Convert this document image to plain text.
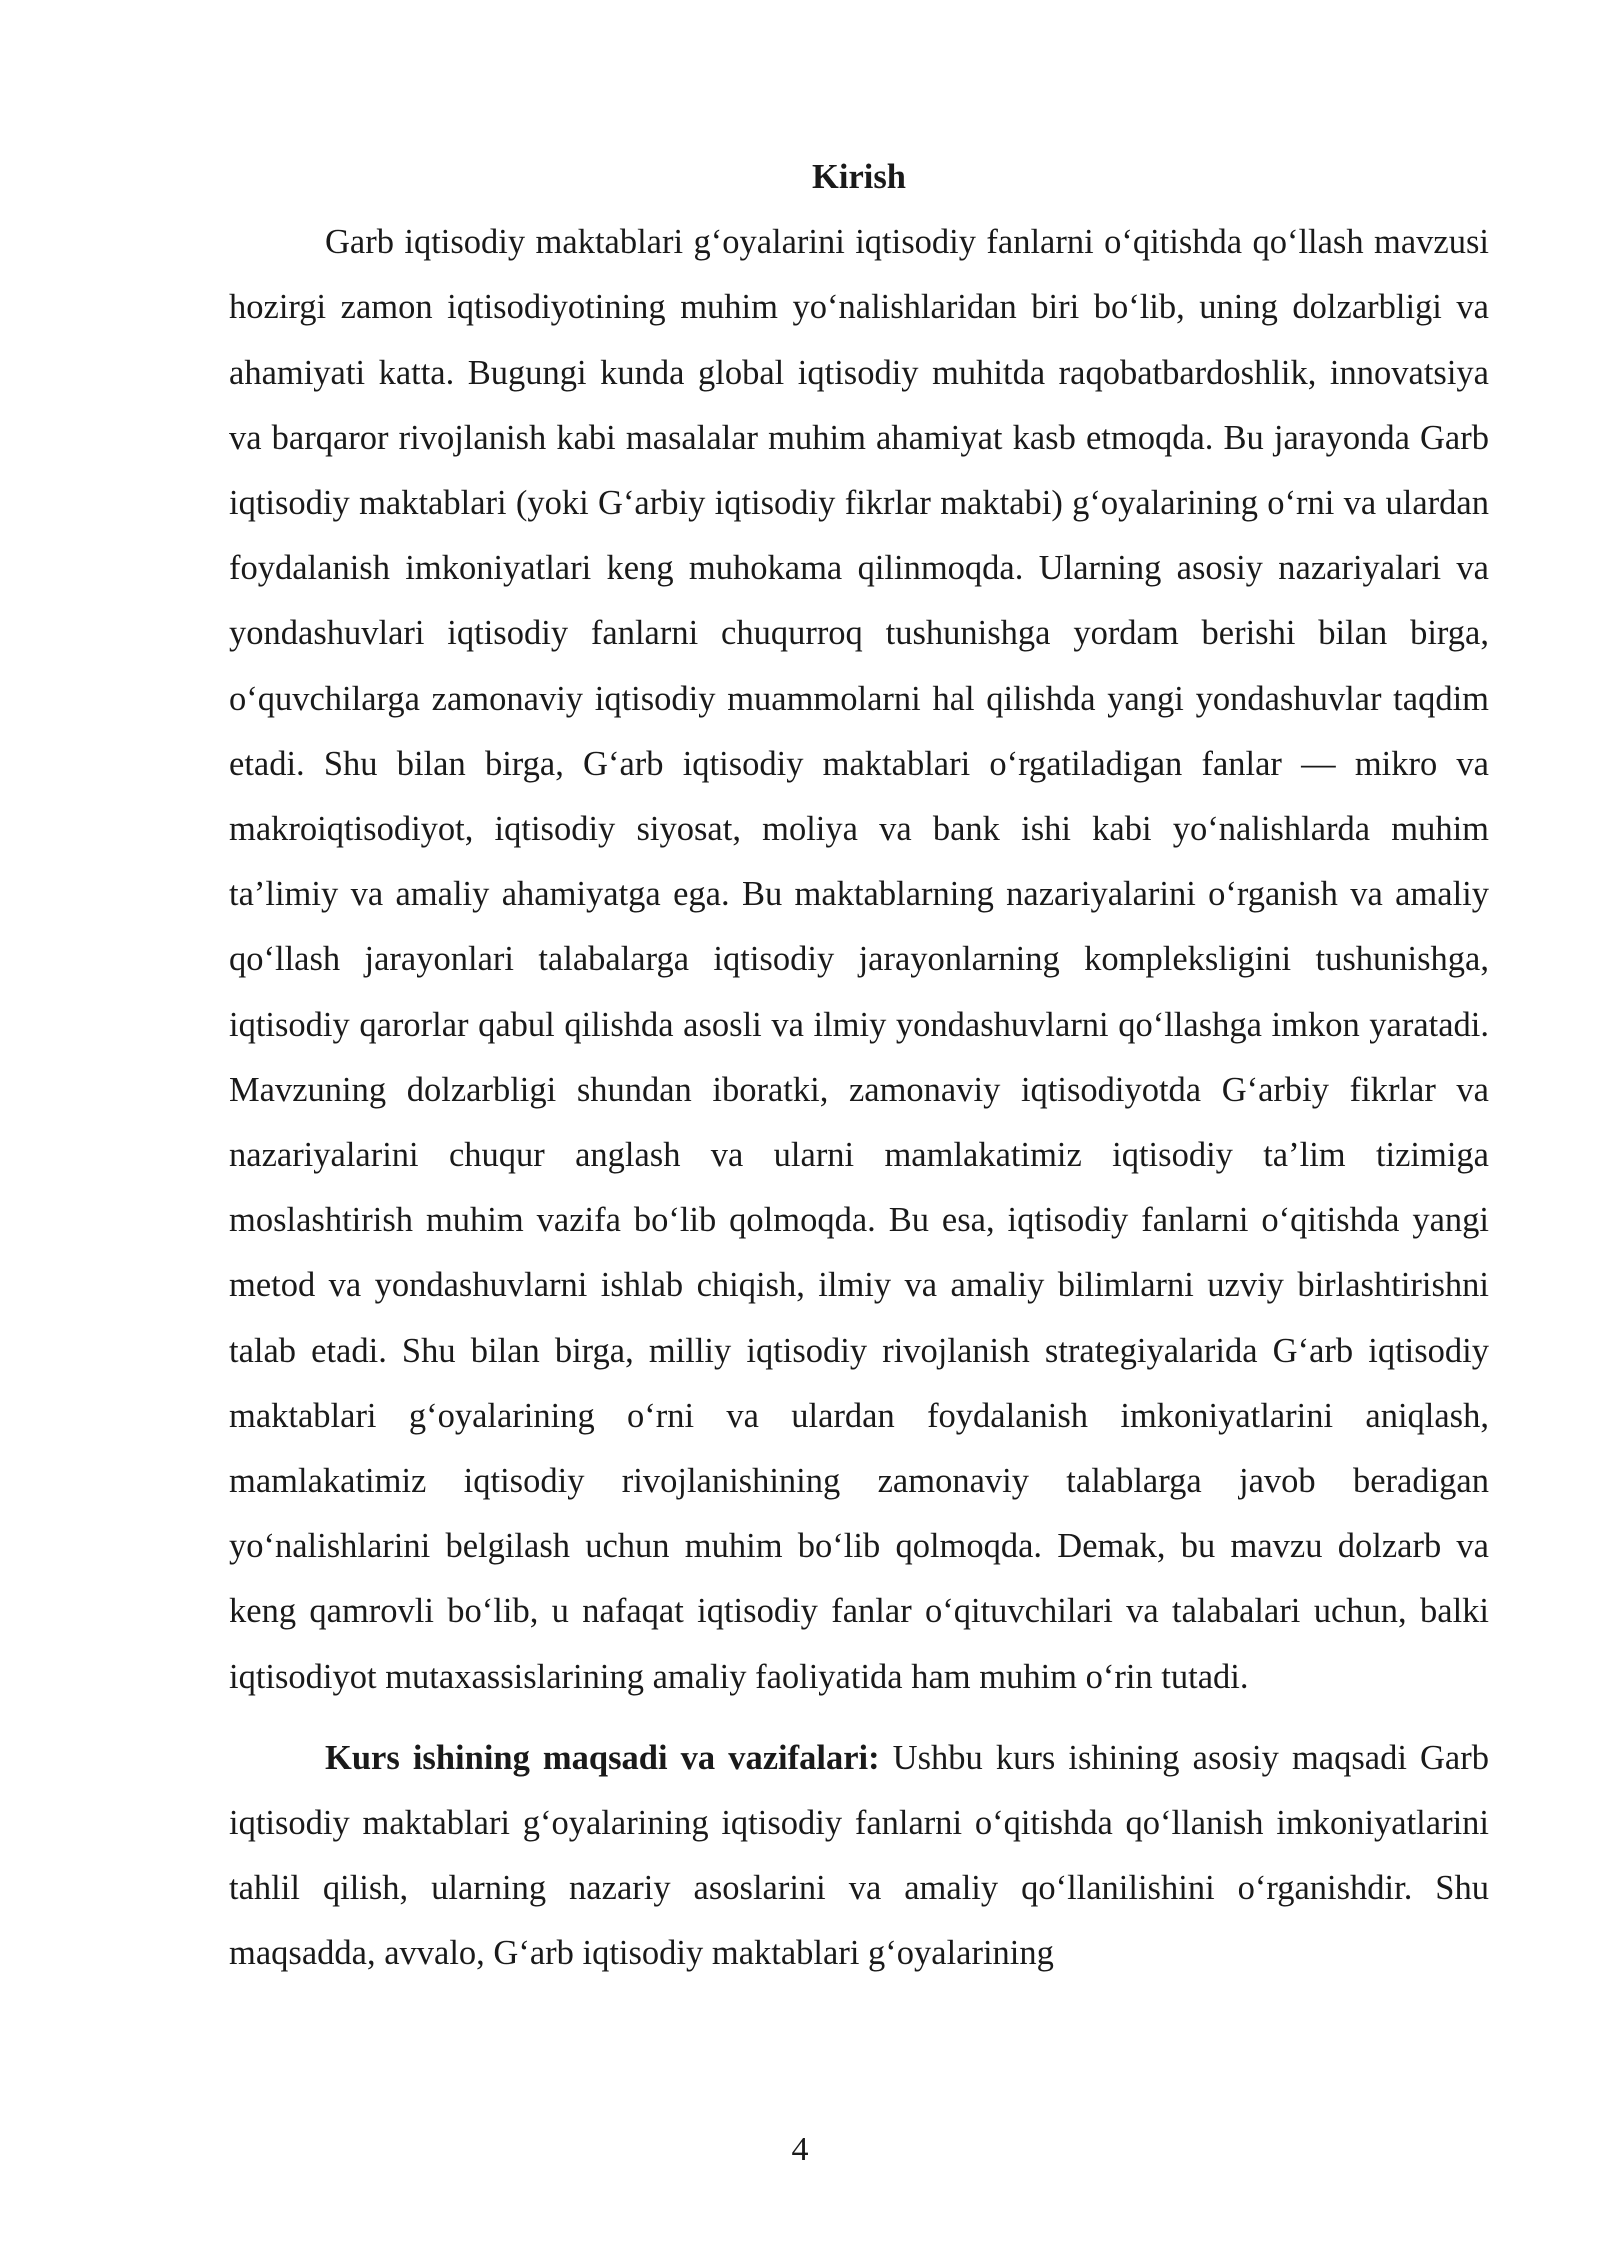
Kirish

Garb iqtisodiy maktablari g‘oyalarini iqtisodiy fanlarni o‘qitishda qo‘llash mavzusi hozirgi zamon iqtisodiyotining muhim yo‘nalishlaridan biri bo‘lib, uning dolzarbligi va ahamiyati katta. Bugungi kunda global iqtisodiy muhitda raqobatbardoshlik, innovatsiya va barqaror rivojlanish kabi masalalar muhim ahamiyat kasb etmoqda. Bu jarayonda Garb iqtisodiy maktablari (yoki G‘arbiy iqtisodiy fikrlar maktabi) g‘oyalarining o‘rni va ulardan foydalanish imkoniyatlari keng muhokama qilinmoqda. Ularning asosiy nazariyalari va yondashuvlari iqtisodiy fanlarni chuqurroq tushunishga yordam berishi bilan birga, o‘quvchilarga zamonaviy iqtisodiy muammolarni hal qilishda yangi yondashuvlar taqdim etadi. Shu bilan birga, G‘arb iqtisodiy maktablari o‘rgatiladigan fanlar — mikro va makroiqtisodiyot, iqtisodiy siyosat, moliya va bank ishi kabi yo‘nalishlarda muhim ta’limiy va amaliy ahamiyatga ega. Bu maktablarning nazariyalarini o‘rganish va amaliy qo‘llash jarayonlari talabalarga iqtisodiy jarayonlarning kompleksligini tushunishga, iqtisodiy qarorlar qabul qilishda asosli va ilmiy yondashuvlarni qo‘llashga imkon yaratadi. Mavzuning dolzarbligi shundan iboratki, zamonaviy iqtisodiyotda G‘arbiy fikrlar va nazariyalarini chuqur anglash va ularni mamlakatimiz iqtisodiy ta’lim tizimiga moslashtirish muhim vazifa bo‘lib qolmoqda. Bu esa, iqtisodiy fanlarni o‘qitishda yangi metod va yondashuvlarni ishlab chiqish, ilmiy va amaliy bilimlarni uzviy birlashtirishni talab etadi. Shu bilan birga, milliy iqtisodiy rivojlanish strategiyalarida G‘arb iqtisodiy maktablari g‘oyalarining o‘rni va ulardan foydalanish imkoniyatlarini aniqlash, mamlakatimiz iqtisodiy rivojlanishining zamonaviy talablarga javob beradigan yo‘nalishlarini belgilash uchun muhim bo‘lib qolmoqda. Demak, bu mavzu dolzarb va keng qamrovli bo‘lib, u nafaqat iqtisodiy fanlar o‘qituvchilari va talabalari uchun, balki iqtisodiyot mutaxassislarining amaliy faoliyatida ham muhim o‘rin tutadi.

Kurs ishining maqsadi va vazifalari: Ushbu kurs ishining asosiy maqsadi Garb iqtisodiy maktablari g‘oyalarining iqtisodiy fanlarni o‘qitishda qo‘llanish imkoniyatlarini tahlil qilish, ularning nazariy asoslarini va amaliy qo‘llanilishini o‘rganishdir. Shu maqsadda, avvalo, G‘arb iqtisodiy maktablari g‘oyalarining

4
